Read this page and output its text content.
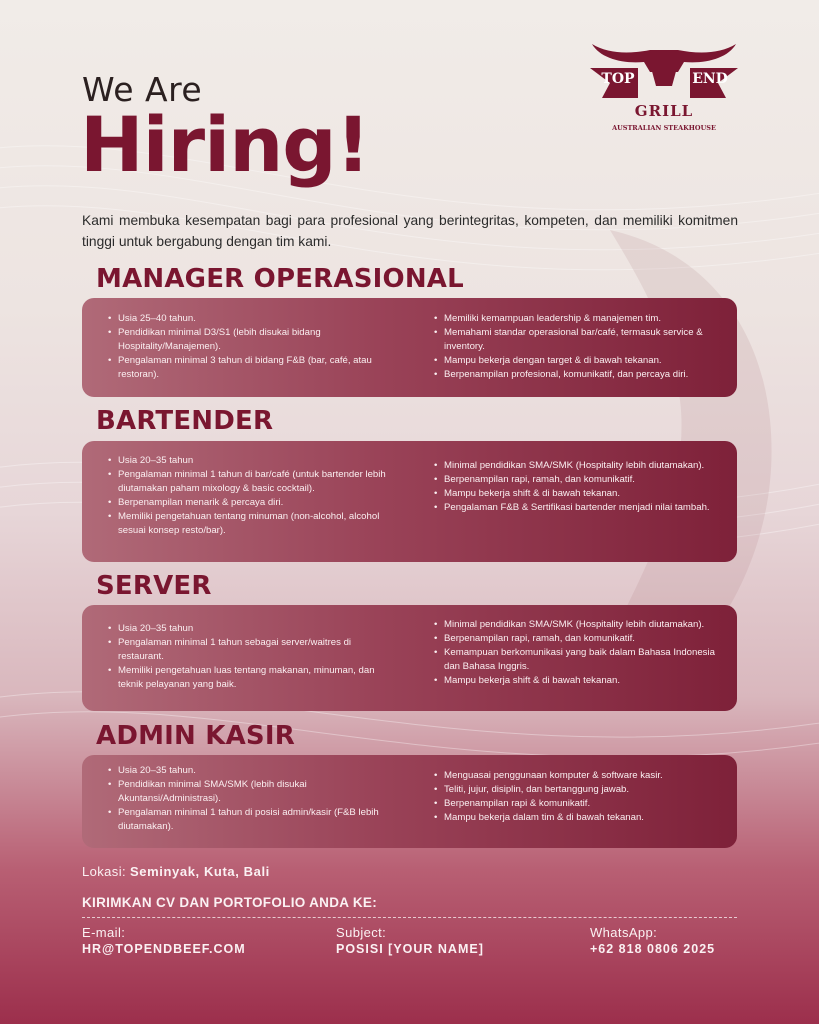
We Are
Hiring!
TOP	END
GRILL
AUSTRALIAN STEAKHOUSE
Kami membuka kesempatan bagi para profesional yang berintegritas, kompeten, dan memiliki komitmen tinggi untuk bergabung dengan tim kami.
MANAGER OPERASIONAL
• Usia 25–40 tahun.
• Pendidikan minimal D3/S1 (lebih disukai bidang Hospitality/Manajemen).
• Pengalaman minimal 3 tahun di bidang F&B (bar, café, atau restoran).
• Memiliki kemampuan leadership & manajemen tim.
• Memahami standar operasional bar/café, termasuk service & inventory.
• Mampu bekerja dengan target & di bawah tekanan.
• Berpenampilan profesional, komunikatif, dan percaya diri.
BARTENDER
• Usia 20–35 tahun
• Pengalaman minimal 1 tahun di bar/café (untuk bartender lebih diutamakan paham mixology & basic cocktail).
• Berpenampilan menarik & percaya diri.
• Memiliki pengetahuan tentang minuman (non-alcohol, alcohol sesuai konsep resto/bar).
• Minimal pendidikan SMA/SMK (Hospitality lebih diutamakan).
• Berpenampilan rapi, ramah, dan komunikatif.
• Mampu bekerja shift & di bawah tekanan.
• Pengalaman F&B & Sertifikasi bartender menjadi nilai tambah.
SERVER
• Usia 20–35 tahun
• Pengalaman minimal 1 tahun sebagai server/waitres di restaurant.
• Memiliki pengetahuan luas tentang makanan, minuman, dan teknik pelayanan yang baik.
• Minimal pendidikan SMA/SMK (Hospitality lebih diutamakan).
• Berpenampilan rapi, ramah, dan komunikatif.
• Kemampuan berkomunikasi yang baik dalam Bahasa Indonesia dan Bahasa Inggris.
• Mampu bekerja shift & di bawah tekanan.
ADMIN KASIR
• Usia 20–35 tahun.
• Pendidikan minimal SMA/SMK (lebih disukai Akuntansi/Administrasi).
• Pengalaman minimal 1 tahun di posisi admin/kasir (F&B lebih diutamakan).
• Menguasai penggunaan komputer & software kasir.
• Teliti, jujur, disiplin, dan bertanggung jawab.
• Berpenampilan rapi & komunikatif.
• Mampu bekerja dalam tim & di bawah tekanan.
Lokasi: Seminyak, Kuta, Bali
KIRIMKAN CV DAN PORTOFOLIO ANDA KE:
E-mail:
HR@TOPENDBEEF.COM
Subject:
POSISI [YOUR NAME]
WhatsApp:
+62 818 0806 2025
